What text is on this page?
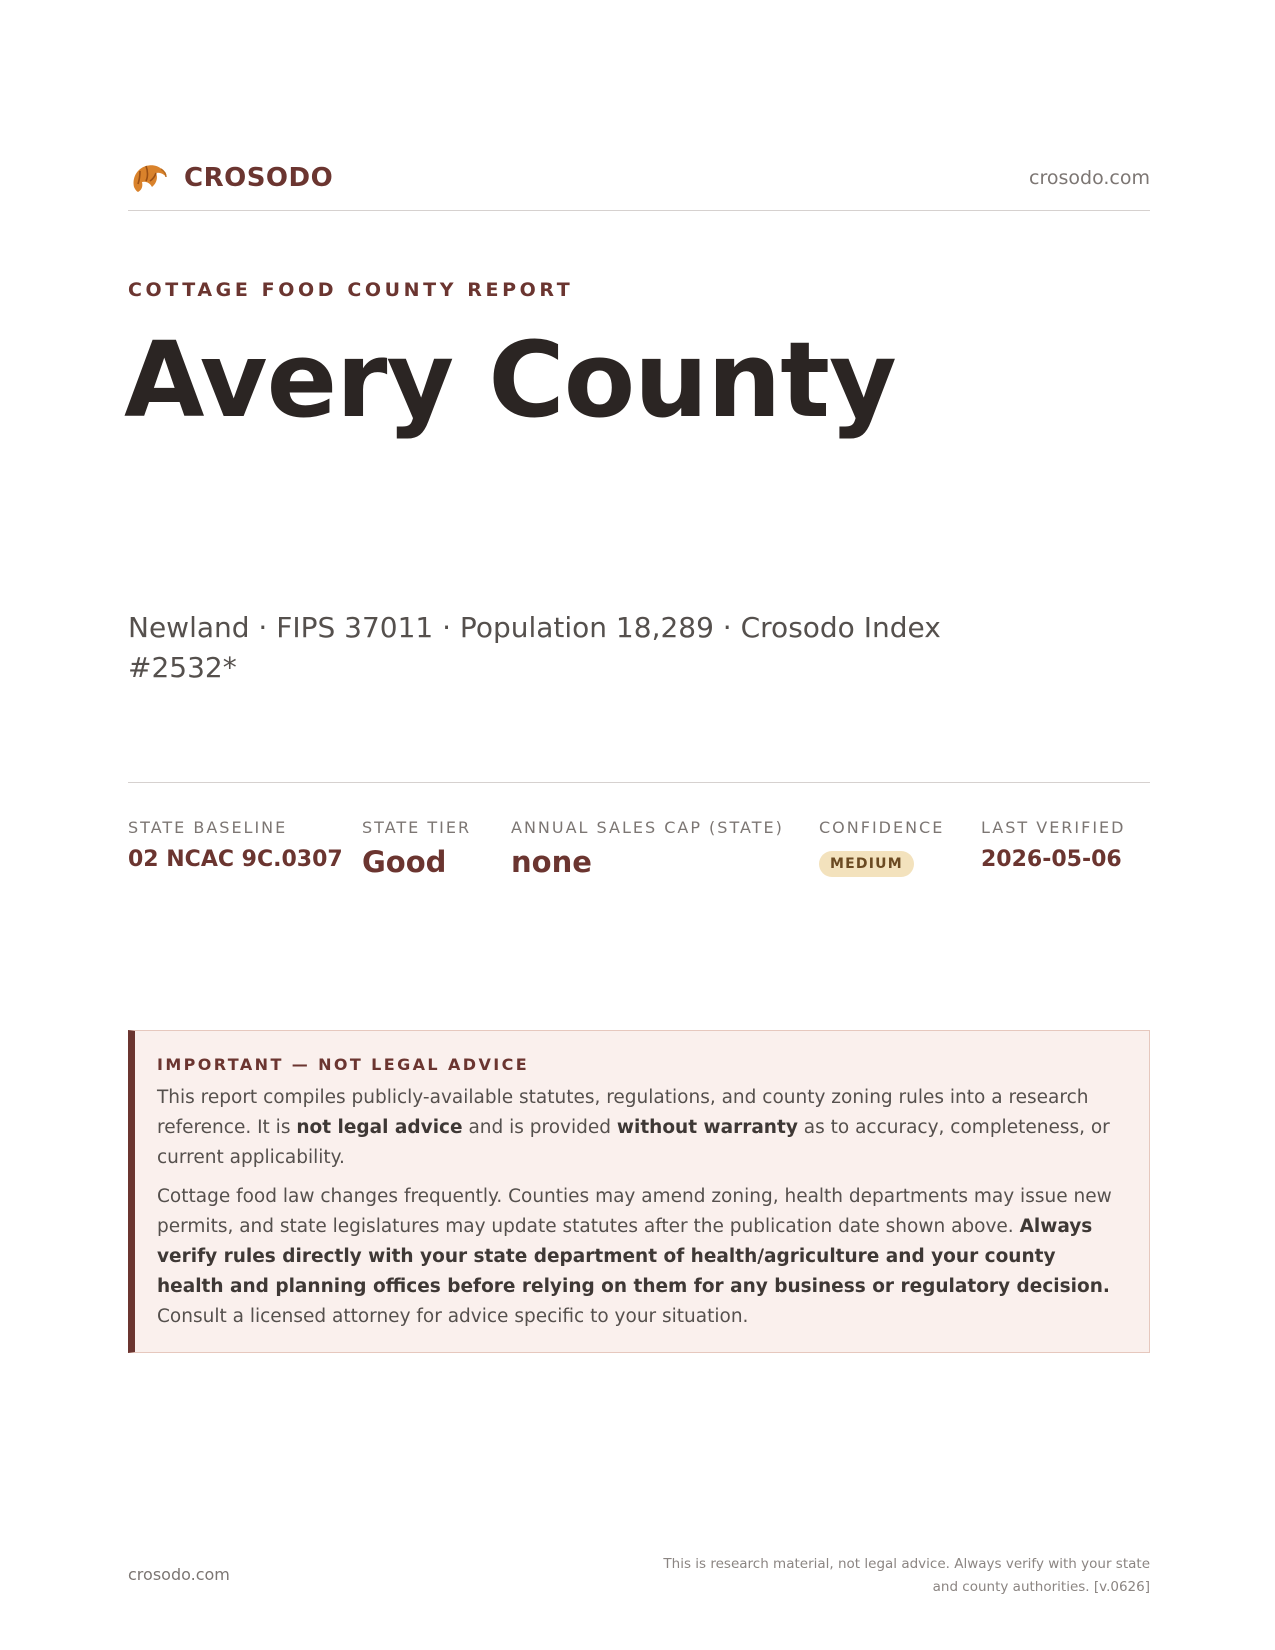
CROSODO	crosodo.com
COTTAGE FOOD COUNTY REPORT
Avery County
Newland · FIPS 37011 · Population 18,289 · Crosodo Index #2532*
STATE BASELINE
02 NCAC 9C.0307
STATE TIER
Good
ANNUAL SALES CAP (STATE)
none
CONFIDENCE
MEDIUM
LAST VERIFIED
2026-05-06
IMPORTANT — NOT LEGAL ADVICE

This report compiles publicly-available statutes, regulations, and county zoning rules into a research reference. It is not legal advice and is provided without warranty as to accuracy, completeness, or current applicability.

Cottage food law changes frequently. Counties may amend zoning, health departments may issue new permits, and state legislatures may update statutes after the publication date shown above. Always verify rules directly with your state department of health/agriculture and your county health and planning offices before relying on them for any business or regulatory decision. Consult a licensed attorney for advice specific to your situation.

crosodo.com
This is research material, not legal advice. Always verify with your state
and county authorities. [v.0626]
